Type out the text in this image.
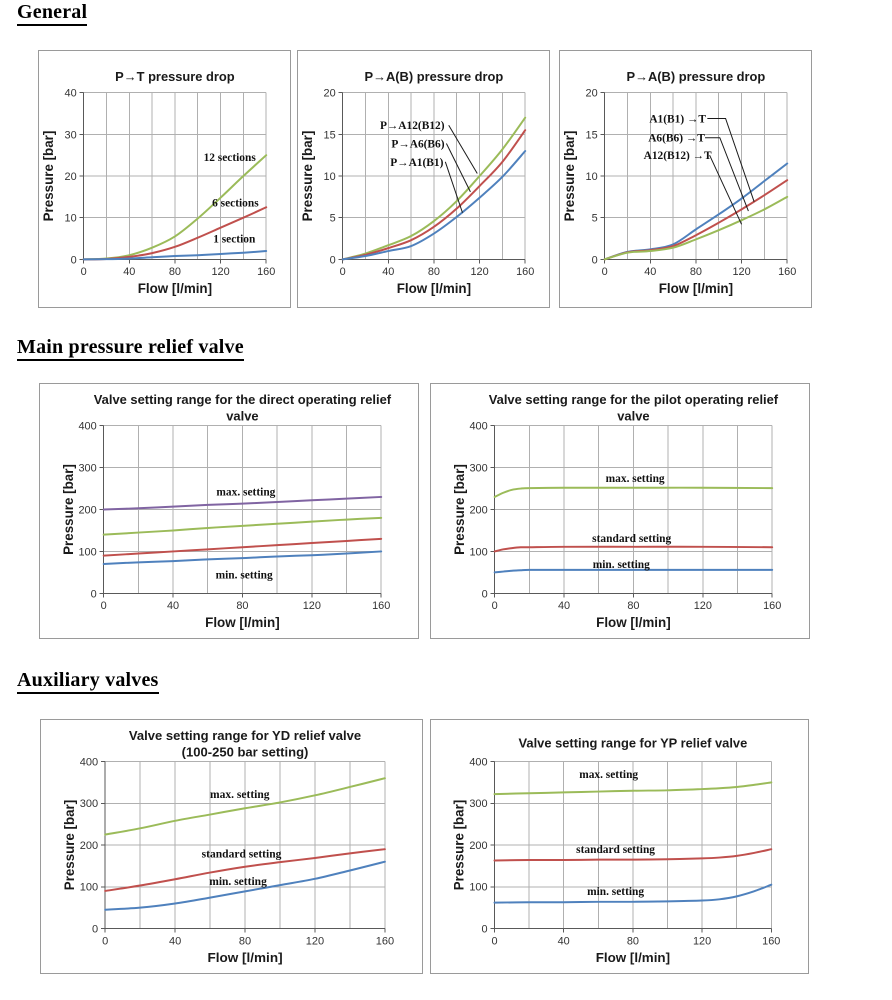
General
0
10
20
30
40
0	40	80	120 160
P→T pressure drop
Flow [l/min]
Pressure [bar]	12 sections
6 sections
1 section
0
5
10
15
20
0	40	80	120 160
P→A(B) pressure drop
Flow [l/min]
Pressure [bar]
P→A12(B12)
P→A6(B6)
P→A1(B1)
0
5
10
15
20
0	40	80	120 160
P→A(B) pressure drop
Flow [l/min]
Pressure [bar]
A1(B1) →T
A6(B6) →T
A12(B12) →T
Main pressure relief valve
0
100
200
300
400
0	40	80	120	160
Valve setting range for the direct operating relief
valve
Flow [l/min]
Pressure [bar]	max. setting
min. setting
0
100
200
300
400
0	40	80	120	160
Valve setting range for the pilot operating relief
valve
Flow [l/min]
Pressure [bar]	max. setting
standard setting
min. setting
Auxiliary valves
0
100
200
300
400
0	40	80	120	160
Valve setting range for YD relief valve
(100-250 bar setting)
Flow [l/min]
Pressure [bar]
max. setting
standard setting
min. setting
0
100
200
300
400
0	40	80	120	160
Valve setting range for YP relief valve
Flow [l/min]
Pressure [bar]
max. setting
standard setting
min. setting
